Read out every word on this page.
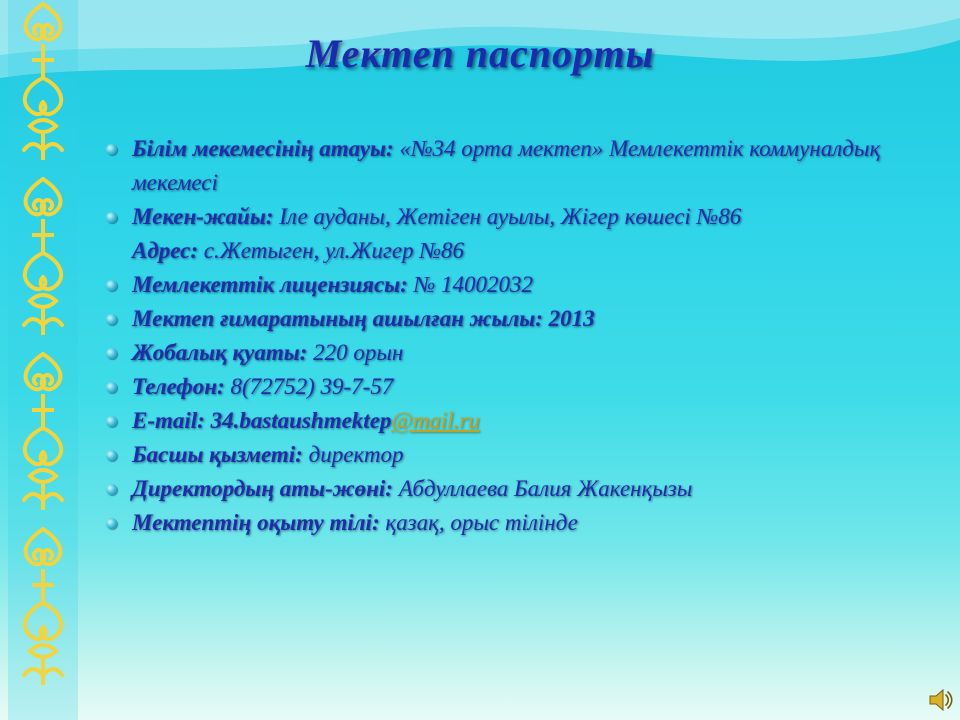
Мектеп паспорты
Білім мекемесінің атауы: «№34 орта мектеп» Мемлекеттік коммуналдық мекемесі
Мекен-жайы: Іле ауданы, Жетіген ауылы, Жігер көшесі №86
Адрес: с.Жетыген, ул.Жигер №86
Мемлекеттік лицензиясы: № 14002032
Мектеп ғимаратының ашылған жылы: 2013
Жобалық қуаты: 220 орын
Телефон: 8(72752) 39-7-57
E-mail: 34.bastaushmektep@mail.ru
Басшы қызметі: директор
Директордың аты-жөні: Абдуллаева Балия Жакенқызы
Мектептің оқыту тілі: қазақ, орыс тілінде
